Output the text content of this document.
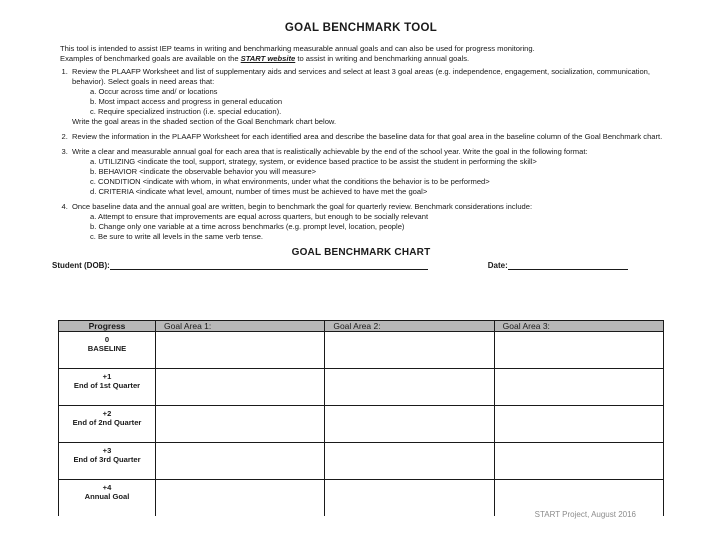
GOAL BENCHMARK TOOL
This tool is intended to assist IEP teams in writing and benchmarking measurable annual goals and can also be used for progress monitoring.
Examples of benchmarked goals are available on the START website to assist in writing and benchmarking annual goals.
1. Review the PLAAFP Worksheet and list of supplementary aids and services and select at least 3 goal areas (e.g. independence, engagement, socialization, communication, behavior). Select goals in need areas that:
a. Occur across time and/ or locations
b. Most impact access and progress in general education
c. Require specialized instruction (i.e. special education).
Write the goal areas in the shaded section of the Goal Benchmark chart below.
2. Review the information in the PLAAFP Worksheet for each identified area and describe the baseline data for that goal area in the baseline column of the Goal Benchmark chart.
3. Write a clear and measurable annual goal for each area that is realistically achievable by the end of the school year. Write the goal in the following format:
a. UTILIZING <indicate the tool, support, strategy, system, or evidence based practice to be assist the student in performing the skill>
b. BEHAVIOR <indicate the observable behavior you will measure>
c. CONDITION <indicate with whom, in what environments, under what the conditions the behavior is to be performed>
d. CRITERIA <indicate what level, amount, number of times must be achieved to have met the goal>
4. Once baseline data and the annual goal are written, begin to benchmark the goal for quarterly review. Benchmark considerations include:
a. Attempt to ensure that improvements are equal across quarters, but enough to be socially relevant
b. Change only one variable at a time across benchmarks (e.g. prompt level, location, people)
c. Be sure to write all levels in the same verb tense.
GOAL BENCHMARK CHART
Student (DOB):	Date:
Progress	Goal Area 1:	Goal Area 2:	Goal Area 3:

0
BASELINE			

+1
End of 1st Quarter			

+2
End of 2nd Quarter			

+3
End of 3rd Quarter			

+4
Annual Goal			

START Project, August 2016
